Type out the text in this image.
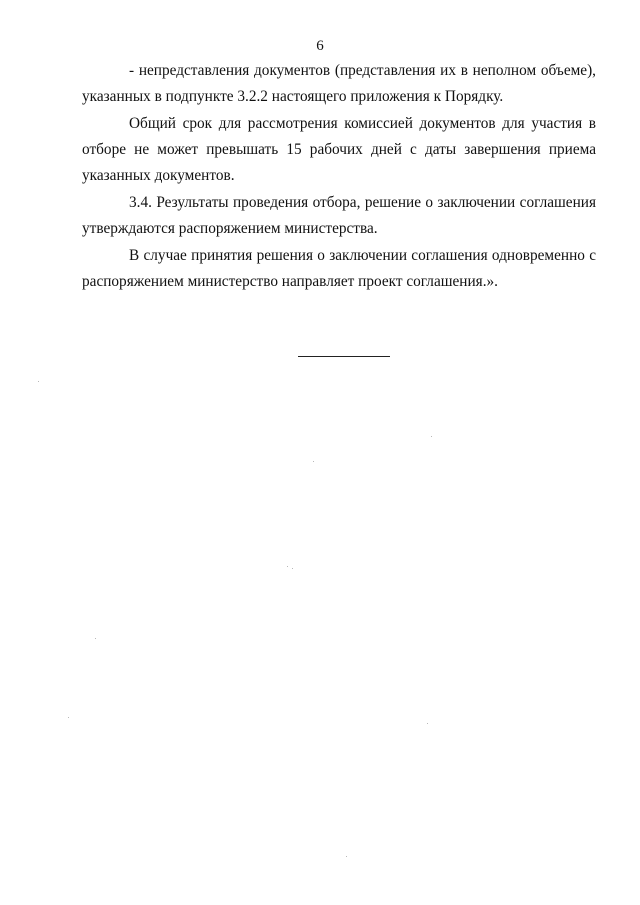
6
- непредставления документов (представления их в неполном объеме),
указанных в подпункте 3.2.2 настоящего приложения к Порядку.
Общий срок для рассмотрения комиссией документов для участия в
отборе не может превышать 15 рабочих дней с даты завершения приема
указанных документов.
3.4. Результаты проведения отбора, решение о заключении соглашения
утверждаются распоряжением министерства.
В случае принятия решения о заключении соглашения одновременно с
распоряжением министерство направляет проект соглашения.».
